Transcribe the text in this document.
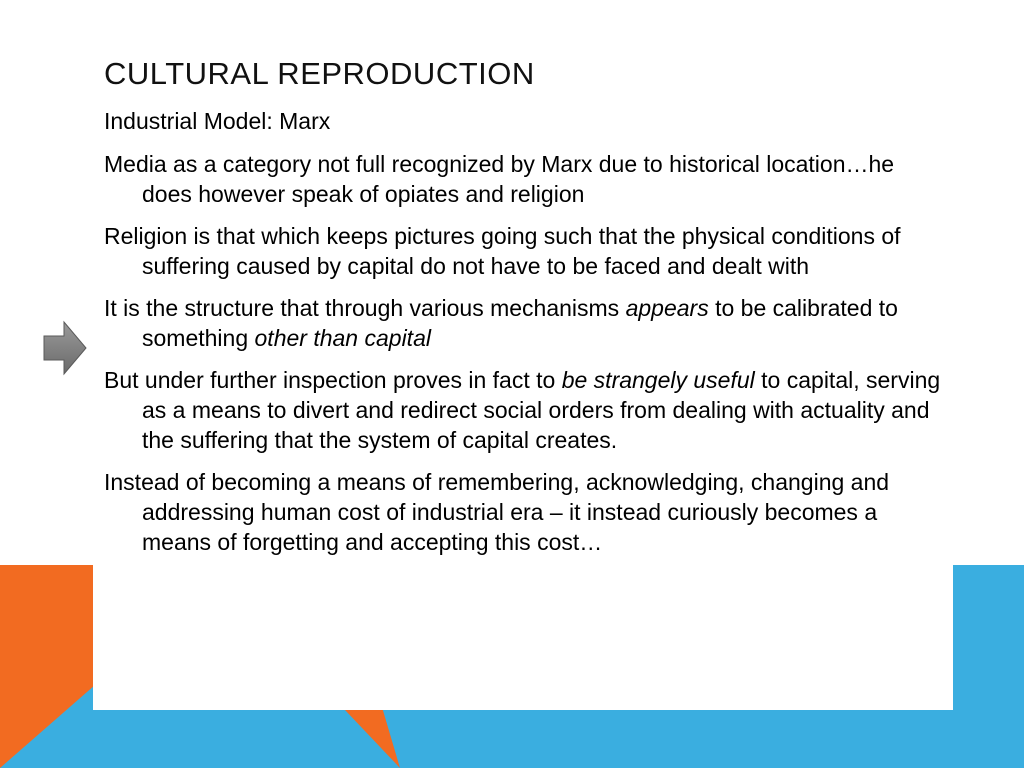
CULTURAL REPRODUCTION
Industrial Model: Marx
Media as a category not full recognized by Marx due to historical location…he does however speak of opiates and religion
Religion is that which keeps pictures going such that the physical conditions of suffering caused by capital do not have to be faced and dealt with
It is the structure that through various mechanisms appears to be calibrated to something other than capital
But under further inspection proves in fact to be strangely useful to capital, serving as a means to divert and redirect social orders from dealing with actuality and the suffering that the system of capital creates.
Instead of becoming a means of remembering, acknowledging, changing and addressing human cost of industrial era – it instead curiously becomes a means of forgetting and accepting this cost…
